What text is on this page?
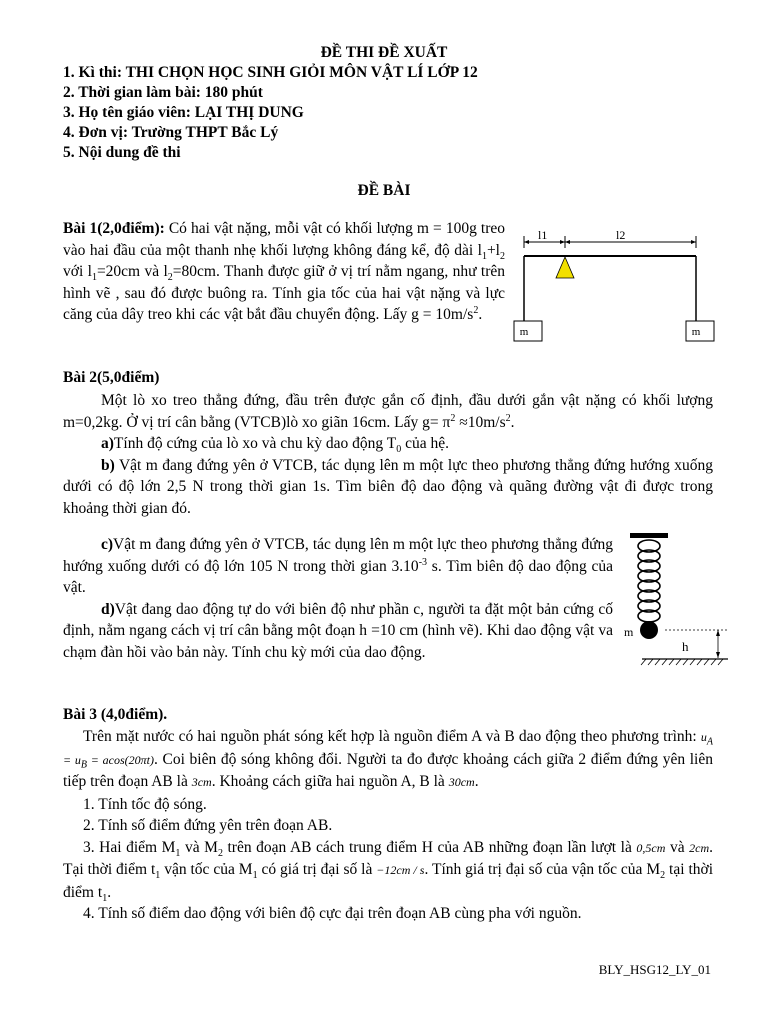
ĐỀ THI ĐỀ XUẤT
1. Kì thi: THI CHỌN HỌC SINH GIỎI MÔN VẬT LÍ LỚP 12
2. Thời gian làm bài: 180 phút
3. Họ tên giáo viên: LẠI THỊ DUNG
4. Đơn vị: Trường THPT Bắc Lý
5. Nội dung đề thi
ĐỀ BÀI

Bài 1(2,0điểm): Có hai vật nặng, mỗi vật có khối lượng m = 100g treo vào hai đầu của một thanh nhẹ khối lượng không đáng kể, độ dài $l_1+l_2$ với $l_1=20cm$ và $l_2=80cm$. Thanh được giữ ở vị trí nằm ngang, như trên hình vẽ , sau đó được buông ra. Tính gia tốc của hai vật nặng và lực căng của dây treo khi các vật bắt đầu chuyển động. Lấy $g = 10m/s^2$.

l1	l2
m	m
Bài 2(5,0điểm)

Một lò xo treo thẳng đứng, đầu trên được gắn cố định, đầu dưới gắn vật nặng có khối lượng m=0,2kg. Ở vị trí cân bằng (VTCB)lò xo giãn 16cm. Lấy $g= \pi^2 \approx 10m/s^2$.

a)Tính độ cứng của lò xo và chu kỳ dao động $T_0$ của hệ.

b) Vật m đang đứng yên ở VTCB, tác dụng lên m một lực theo phương thẳng đứng hướng xuống dưới có độ lớn 2,5 N trong thời gian 1s. Tìm biên độ dao động và quãng đường vật đi được trong khoảng thời gian đó.

c)Vật m đang đứng yên ở VTCB, tác dụng lên m một lực theo phương thẳng đứng hướng xuống dưới có độ lớn 105 N trong thời gian $3.10^{-3}$ s. Tìm biên độ dao động của vật.

d)Vật đang dao động tự do với biên độ như phần c, người ta đặt một bản cứng cố định, nằm ngang cách vị trí cân bằng một đoạn h =10 cm (hình vẽ). Khi dao động vật va chạm đàn hồi vào bản này. Tính chu kỳ mới của dao động.

m
h
Bài 3 (4,0điểm).

Trên mặt nước có hai nguồn phát sóng kết hợp là nguồn điểm A và B dao động theo phương trình: $u_A = u_B = acos(20\pi t)$. Coi biên độ sóng không đổi. Người ta đo được khoảng cách giữa 2 điểm đứng yên liên tiếp trên đoạn AB là 3cm. Khoảng cách giữa hai nguồn A, B là 30cm.

1. Tính tốc độ sóng.

2. Tính số điểm đứng yên trên đoạn AB.

3. Hai điểm $M_1$ và $M_2$ trên đoạn AB cách trung điểm H của AB những đoạn lần lượt là 0,5cm và 2cm. Tại thời điểm $t_1$ vận tốc của $M_1$ có giá trị đại số là −12cm / s. Tính giá trị đại số của vận tốc của $M_2$ tại thời điểm $t_1$.

4. Tính số điểm dao động với biên độ cực đại trên đoạn AB cùng pha với nguồn.

BLY_HSG12_LY_01
